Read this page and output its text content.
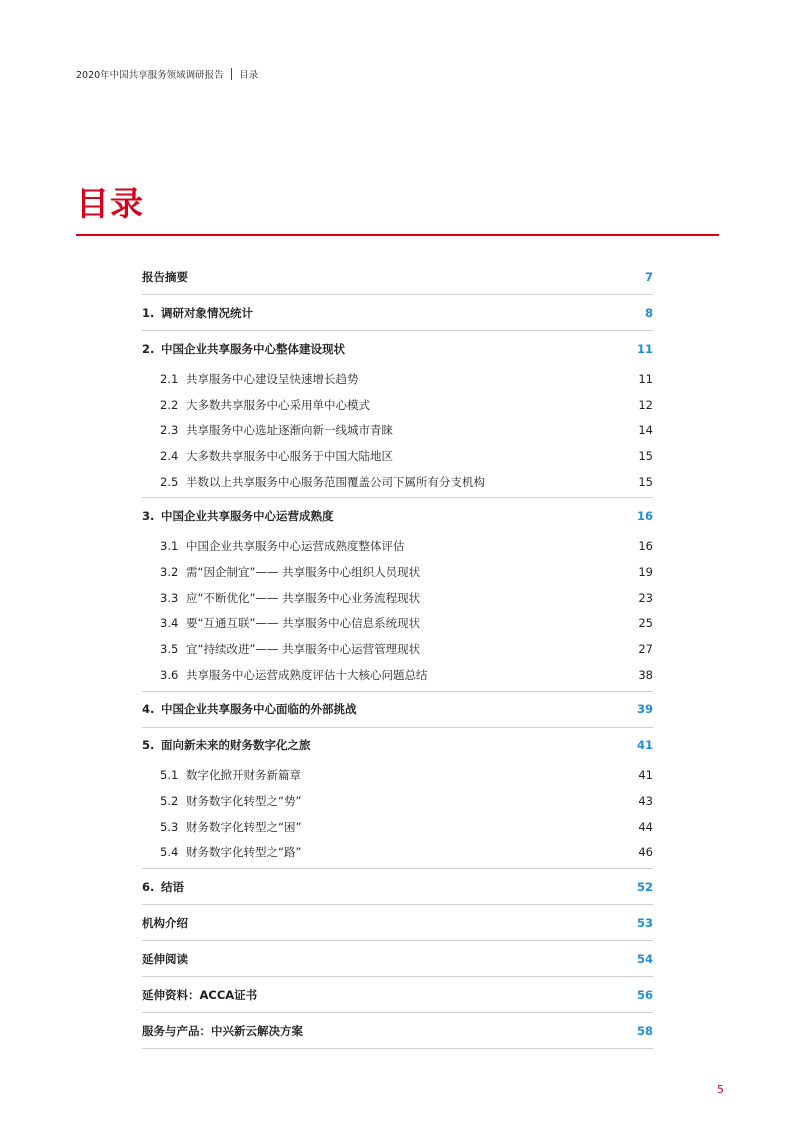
2020年中国共享服务领域调研报告 目录
目录
报告摘要	7
1. 调研对象情况统计	8
2. 中国企业共享服务中心整体建设现状	11
2.1 共享服务中心建设呈快速增长趋势	11
2.2 大多数共享服务中心采用单中心模式	12
2.3 共享服务中心选址逐渐向新一线城市青睐	14
2.4 大多数共享服务中心服务于中国大陆地区	15
2.5 半数以上共享服务中心服务范围覆盖公司下属所有分支机构	15
3. 中国企业共享服务中心运营成熟度	16
3.1 中国企业共享服务中心运营成熟度整体评估	16
3.2 需“因企制宜”—— 共享服务中心组织人员现状	19
3.3 应“不断优化”—— 共享服务中心业务流程现状	23
3.4 要“互通互联”—— 共享服务中心信息系统现状	25
3.5 宜“持续改进”—— 共享服务中心运营管理现状	27
3.6 共享服务中心运营成熟度评估十大核心问题总结	38
4. 中国企业共享服务中心面临的外部挑战	39
5. 面向新未来的财务数字化之旅	41
5.1 数字化掀开财务新篇章	41
5.2 财务数字化转型之“势”	43
5.3 财务数字化转型之“困”	44
5.4 财务数字化转型之“路”	46
6. 结语	52
机构介绍	53
延伸阅读	54
延伸资料：ACCA证书	56
服务与产品：中兴新云解决方案	58
5
